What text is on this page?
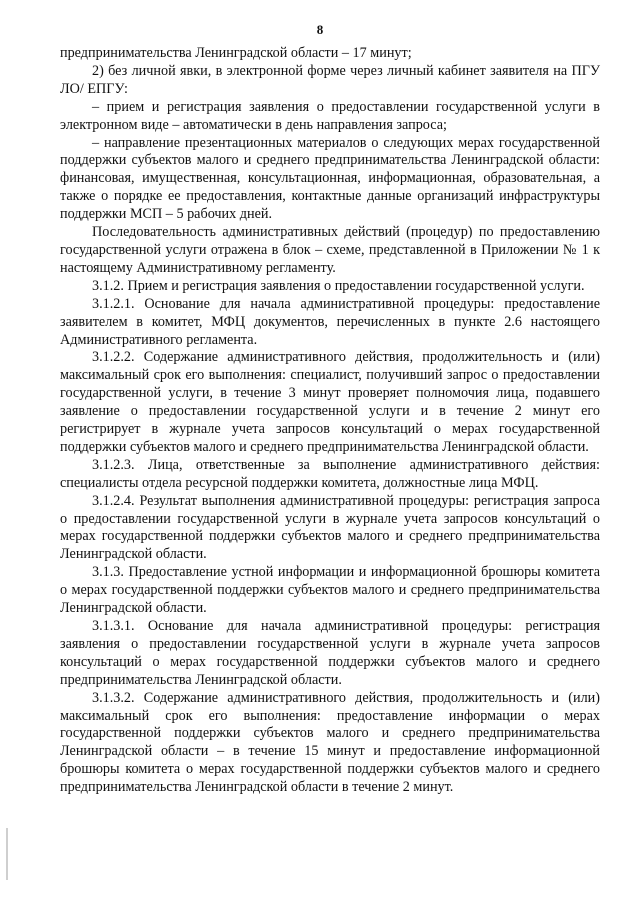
8

предпринимательства Ленинградской области – 17 минут;

2) без личной явки, в электронной форме через личный кабинет заявителя на ПГУ ЛО/ ЕПГУ:

– прием и регистрация заявления о предоставлении государственной услуги в электронном виде – автоматически в день направления запроса;

– направление презентационных материалов о следующих мерах государственной поддержки субъектов малого и среднего предпринимательства Ленинградской области: финансовая, имущественная, консультационная, информационная, образовательная, а также о порядке ее предоставления, контактные данные организаций инфраструктуры поддержки МСП – 5 рабочих дней.

Последовательность административных действий (процедур) по предоставлению государственной услуги отражена в блок – схеме, представленной в Приложении № 1 к настоящему Административному регламенту.

3.1.2. Прием и регистрация заявления о предоставлении государственной услуги.

3.1.2.1. Основание для начала административной процедуры: предоставление заявителем в комитет, МФЦ документов, перечисленных в пункте 2.6 настоящего Административного регламента.

3.1.2.2. Содержание административного действия, продолжительность и (или) максимальный срок его выполнения: специалист, получивший запрос о предоставлении государственной услуги, в течение 3 минут проверяет полномочия лица, подавшего заявление о предоставлении государственной услуги и в течение 2 минут его регистрирует в журнале учета запросов консультаций о мерах государственной поддержки субъектов малого и среднего предпринимательства Ленинградской области.

3.1.2.3. Лица, ответственные за выполнение административного действия: специалисты отдела ресурсной поддержки комитета, должностные лица МФЦ.

3.1.2.4. Результат выполнения административной процедуры: регистрация запроса о предоставлении государственной услуги в журнале учета запросов консультаций о мерах государственной поддержки субъектов малого и среднего предпринимательства Ленинградской области.

3.1.3. Предоставление устной информации и информационной брошюры комитета о мерах государственной поддержки субъектов малого и среднего предпринимательства Ленинградской области.

3.1.3.1. Основание для начала административной процедуры: регистрация заявления о предоставлении государственной услуги в журнале учета запросов консультаций о мерах государственной поддержки субъектов малого и среднего предпринимательства Ленинградской области.

3.1.3.2. Содержание административного действия, продолжительность и (или) максимальный срок его выполнения: предоставление информации о мерах государственной поддержки субъектов малого и среднего предпринимательства Ленинградской области – в течение 15 минут и предоставление информационной брошюры комитета о мерах государственной поддержки субъектов малого и среднего предпринимательства Ленинградской области в течение 2 минут.
